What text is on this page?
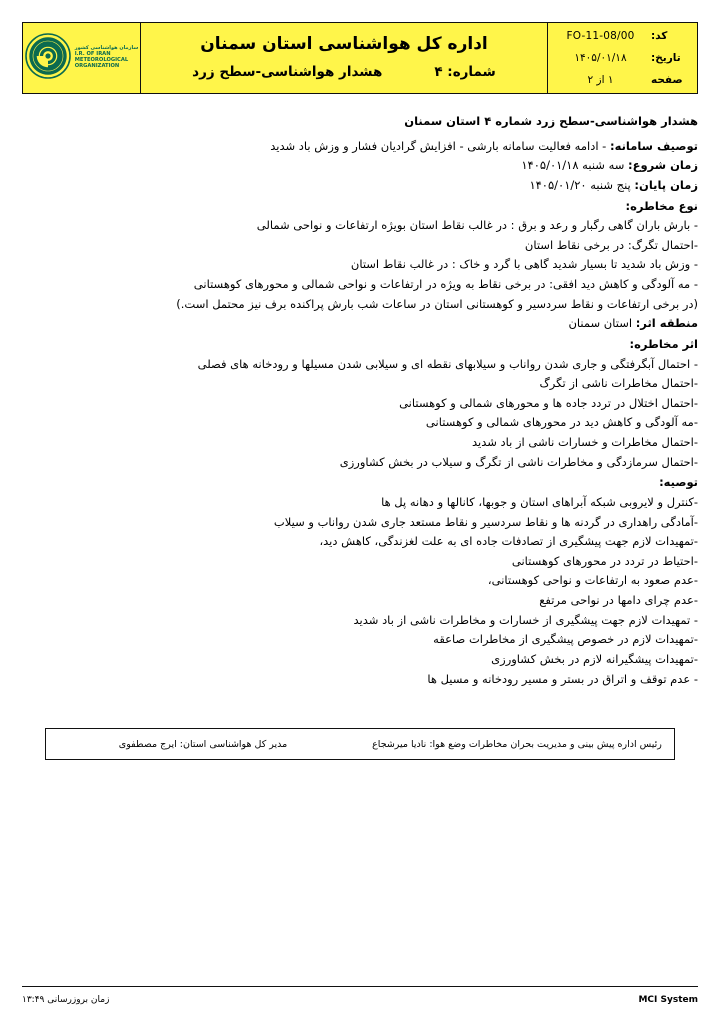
کد:
FO-11-08/00
تاریخ:
۱۴۰۵/۰۱/۱۸
صفحه
۱ از ۲
اداره کل هواشناسی استان سمنان
شماره: ۴
هشدار هواشناسی-سطح زرد
سازمان هواشناسی کشور
I.R. OF IRAN
METEOROLOGICAL
ORGANIZATION
هشدار هواشناسی-سطح زرد شماره ۴ استان سمنان
توصیف سامانه: - ادامه فعالیت سامانه بارشی - افزایش گرادیان فشار و وزش باد شدید
زمان شروع: سه شنبه ۱۴۰۵/۰۱/۱۸
زمان پایان: پنج شنبه ۱۴۰۵/۰۱/۲۰
نوع مخاطره:
- بارش باران گاهی رگبار و رعد و برق : در غالب نقاط استان بویژه ارتفاعات و نواحی شمالی
-احتمال تگرگ: در برخی نقاط استان
- وزش باد شدید تا بسیار شدید گاهی با گرد و خاک : در غالب نقاط استان
- مه آلودگی و کاهش دید افقی: در برخی نقاط به ویژه در ارتفاعات و نواحی شمالی و محورهای کوهستانی
(در برخی ارتفاعات و نقاط سردسیر و کوهستانی استان در ساعات شب بارش پراکنده برف نیز محتمل است.)
منطقه اثر: استان سمنان
اثر مخاطره:
- احتمال آبگرفتگی و جاری شدن رواناب و سیلابهای نقطه ای و سیلابی شدن مسیلها و رودخانه های فصلی
-احتمال مخاطرات ناشی از تگرگ
-احتمال اختلال در تردد جاده ها و محورهای شمالی و کوهستانی
-مه آلودگی و کاهش دید در محورهای شمالی و کوهستانی
-احتمال مخاطرات و خسارات ناشی از باد شدید
-احتمال سرمازدگی و مخاطرات ناشی از تگرگ و سیلاب در بخش کشاورزی
توصیه:
-کنترل و لایروبی شبکه آبراهای استان و جوبها، کانالها و دهانه پل ها
-آمادگی راهداری در گردنه ها و نقاط سردسیر و نقاط مستعد جاری شدن رواناب و سیلاب
-تمهیدات لازم جهت پیشگیری از تصادفات جاده ای به علت لغزندگی، کاهش دید،
-احتیاط در تردد در محورهای کوهستانی
-عدم صعود به ارتفاعات و نواحی کوهستانی،
-عدم چرای دامها در نواحی مرتفع
- تمهیدات لازم جهت پیشگیری از خسارات و مخاطرات ناشی از باد شدید
-تمهیدات لازم در خصوص پیشگیری از مخاطرات صاعقه
-تمهیدات پیشگیرانه لازم در بخش کشاورزی
- عدم توقف و اتراق در بستر و مسیر رودخانه و مسیل ها
رئیس اداره پیش بینی و مدیریت بحران مخاطرات وضع هوا: نادیا میرشجاع
مدیر کل هواشناسی استان: ایرج مصطفوی
MCI System
زمان بروزرسانی ۱۳:۴۹
